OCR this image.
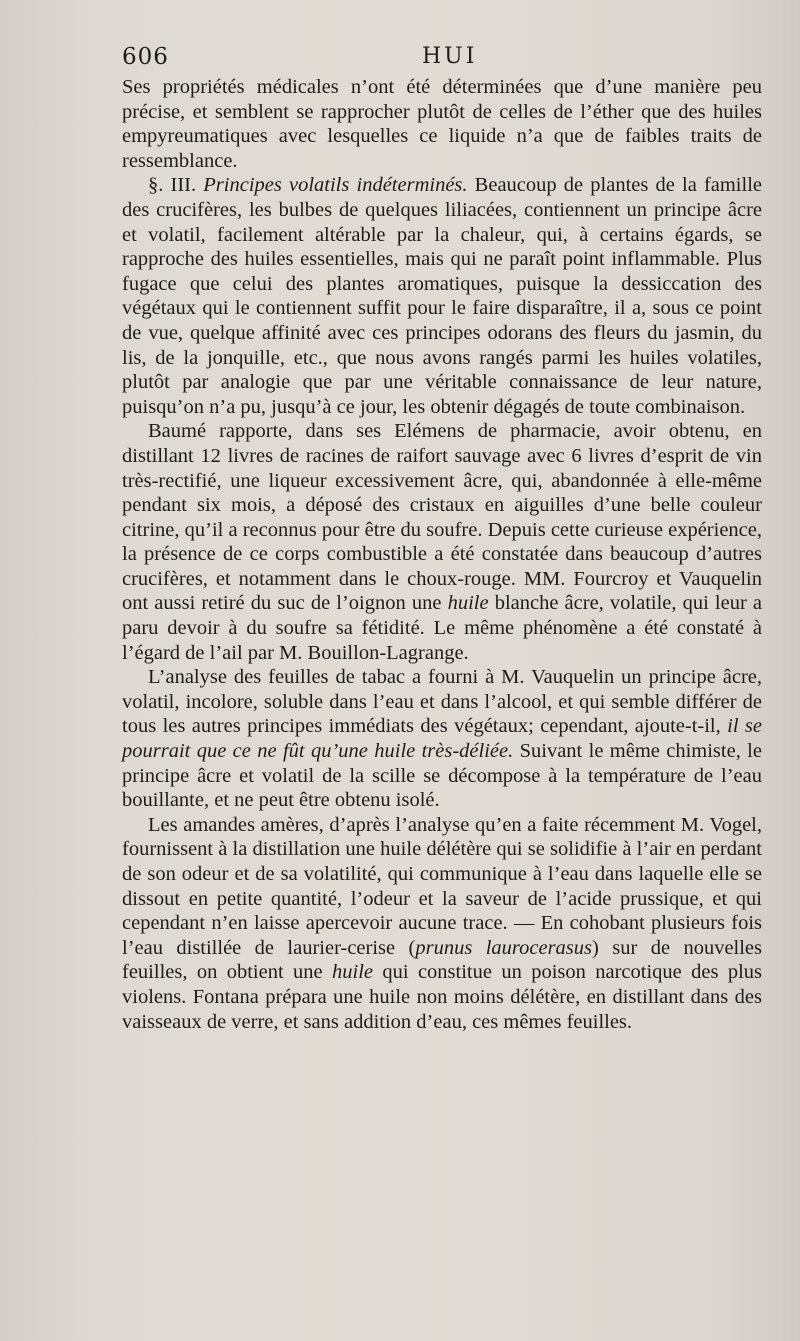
606	HUI

Ses propriétés médicales n’ont été déterminées que d’une manière peu précise, et semblent se rapprocher plutôt de celles de l’éther que des huiles empyreumatiques avec lesquelles ce liquide n’a que de faibles traits de ressemblance.

§. III. Principes volatils indéterminés. Beaucoup de plantes de la famille des crucifères, les bulbes de quelques liliacées, contiennent un principe âcre et volatil, facilement altérable par la chaleur, qui, à certains égards, se rapproche des huiles essentielles, mais qui ne paraît point inflammable. Plus fugace que celui des plantes aromatiques, puisque la dessiccation des végétaux qui le contiennent suffit pour le faire disparaître, il a, sous ce point de vue, quelque affinité avec ces principes odorans des fleurs du jasmin, du lis, de la jonquille, etc., que nous avons rangés parmi les huiles volatiles, plutôt par analogie que par une véritable connaissance de leur nature, puisqu’on n’a pu, jusqu’à ce jour, les obtenir dégagés de toute combinaison.

Baumé rapporte, dans ses Elémens de pharmacie, avoir obtenu, en distillant 12 livres de racines de raifort sauvage avec 6 livres d’esprit de vin très-rectifié, une liqueur excessivement âcre, qui, abandonnée à elle-même pendant six mois, a déposé des cristaux en aiguilles d’une belle couleur citrine, qu’il a reconnus pour être du soufre. Depuis cette curieuse expérience, la présence de ce corps combustible a été constatée dans beaucoup d’autres crucifères, et notamment dans le choux-rouge. MM. Fourcroy et Vauquelin ont aussi retiré du suc de l’oignon une huile blanche âcre, volatile, qui leur a paru devoir à du soufre sa fétidité. Le même phénomène a été constaté à l’égard de l’ail par M. Bouillon-Lagrange.

L’analyse des feuilles de tabac a fourni à M. Vauquelin un principe âcre, volatil, incolore, soluble dans l’eau et dans l’alcool, et qui semble différer de tous les autres principes immédiats des végétaux; cependant, ajoute-t-il, il se pourrait que ce ne fût qu’une huile très-déliée. Suivant le même chimiste, le principe âcre et volatil de la scille se décompose à la température de l’eau bouillante, et ne peut être obtenu isolé.

Les amandes amères, d’après l’analyse qu’en a faite récemment M. Vogel, fournissent à la distillation une huile délétère qui se solidifie à l’air en perdant de son odeur et de sa volatilité, qui communique à l’eau dans laquelle elle se dissout en petite quantité, l’odeur et la saveur de l’acide prussique, et qui cependant n’en laisse apercevoir aucune trace. — En cohobant plusieurs fois l’eau distillée de laurier-cerise (prunus laurocerasus) sur de nouvelles feuilles, on obtient une huile qui constitue un poison narcotique des plus violens. Fontana prépara une huile non moins délétère, en distillant dans des vaisseaux de verre, et sans addition d’eau, ces mêmes feuilles.
